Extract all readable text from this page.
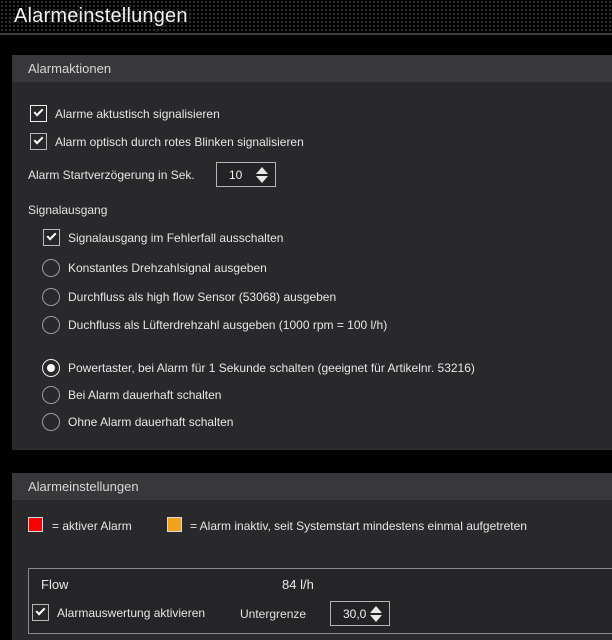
Alarmeinstellungen
Alarmaktionen
Alarme aktustisch signalisieren
Alarm optisch durch rotes Blinken signalisieren
Alarm Startverzögerung in Sek.	10
Signalausgang
Signalausgang im Fehlerfall ausschalten
Konstantes Drehzahlsignal ausgeben
Durchfluss als high flow Sensor (53068) ausgeben
Duchfluss als Lüfterdrehzahl ausgeben (1000 rpm = 100 l/h)
Powertaster, bei Alarm für 1 Sekunde schalten (geeignet für Artikelnr. 53216)
Bei Alarm dauerhaft schalten
Ohne Alarm dauerhaft schalten
Alarmeinstellungen
= aktiver Alarm	= Alarm inaktiv, seit Systemstart mindestens einmal aufgetreten
Flow	84 l/h
Alarmauswertung aktivieren	Untergrenze	30,0
